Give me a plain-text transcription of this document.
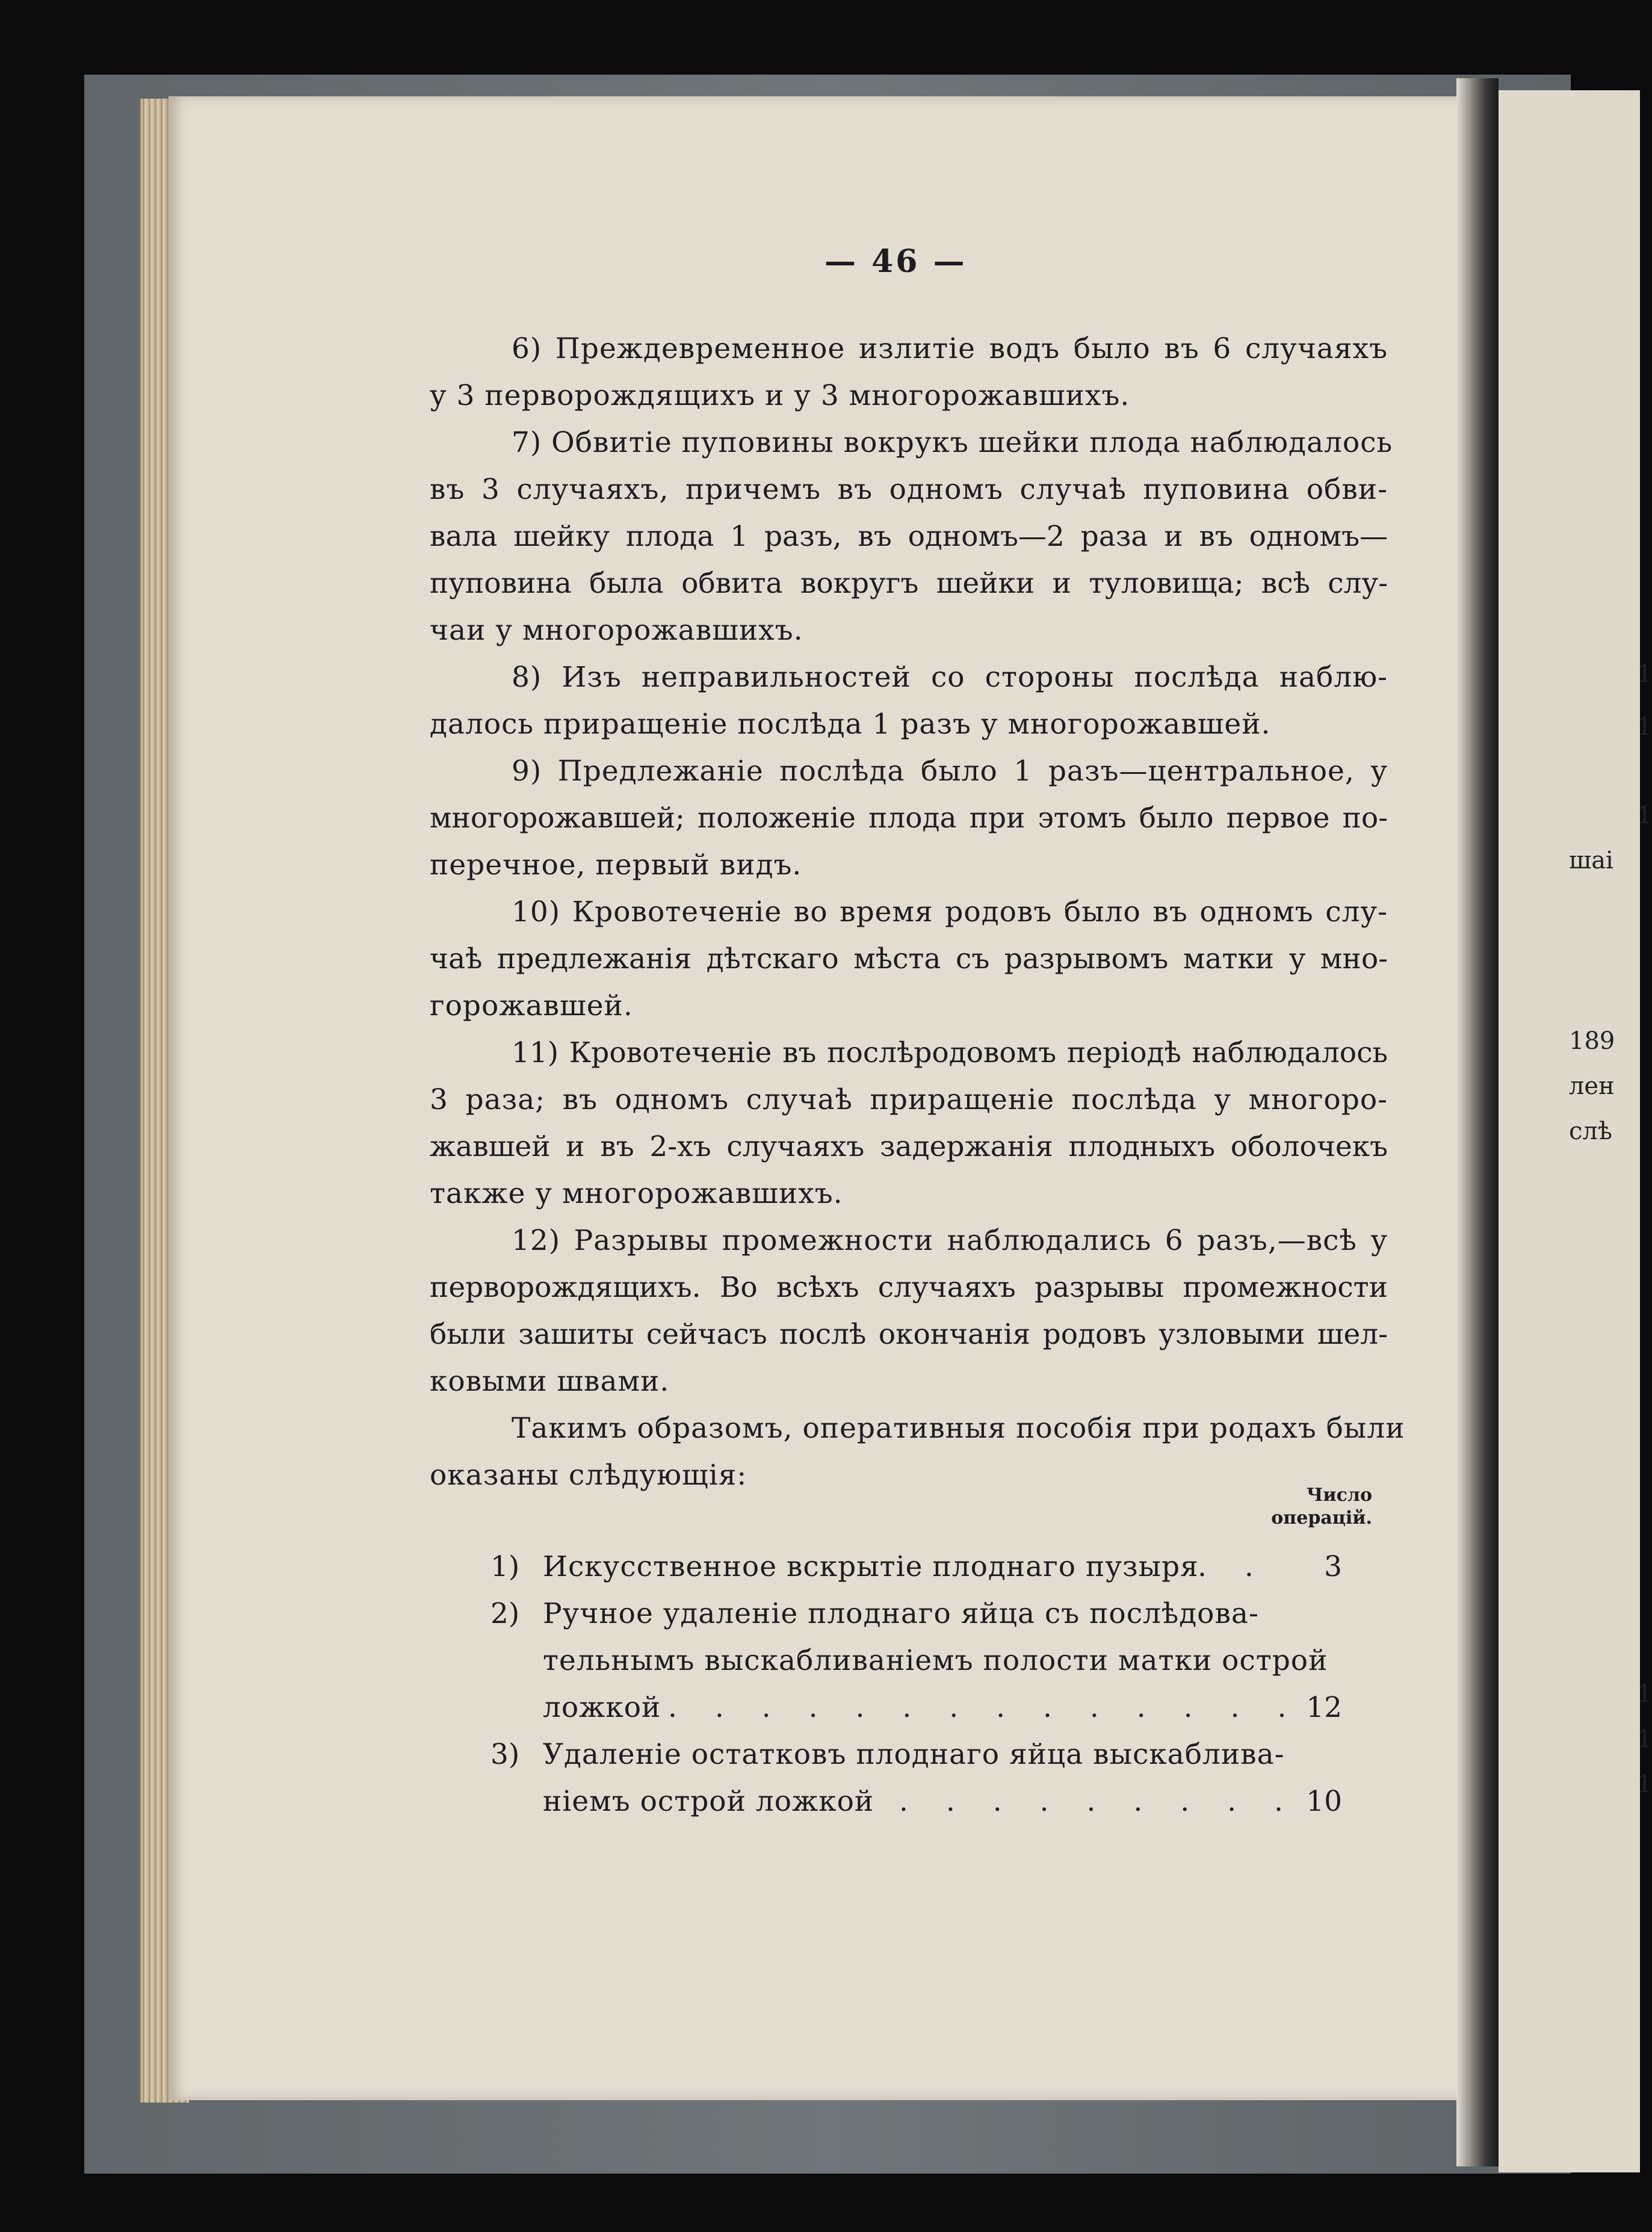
1
1
1
шаі
189
лен
слѣ
1
1
1
— 46 —
6) Преждевременное излитіе водъ было въ 6 случаяхъ
у 3 перворождящихъ и у 3 многорожавшихъ.
7) Обвитіе пуповины вокрукъ шейки плода наблюдалось
въ 3 случаяхъ, причемъ въ одномъ случаѣ пуповина обви-
вала шейку плода 1 разъ, въ одномъ—2 раза и въ одномъ—
пуповина была обвита вокругъ шейки и туловища; всѣ слу-
чаи у многорожавшихъ.
8) Изъ неправильностей со стороны послѣда наблю-
далось приращеніе послѣда 1 разъ у многорожавшей.
9) Предлежаніе послѣда было 1 разъ—центральное, у
многорожавшей; положеніе плода при этомъ было первое по-
перечное, первый видъ.
10) Кровотеченіе во время родовъ было въ одномъ слу-
чаѣ предлежанія дѣтскаго мѣста съ разрывомъ матки у мно-
горожавшей.
11) Кровотеченіе въ послѣродовомъ періодѣ наблюдалось
3 раза; въ одномъ случаѣ приращеніе послѣда у многоро-
жавшей и въ 2-хъ случаяхъ задержанія плодныхъ оболочекъ
также у многорожавшихъ.
12) Разрывы промежности наблюдались 6 разъ,—всѣ у
перворождящихъ. Во всѣхъ случаяхъ разрывы промежности
были зашиты сейчасъ послѣ окончанія родовъ узловыми шел-
ковыми швами.
Такимъ образомъ, оперативныя пособія при родахъ были
оказаны слѣдующія:
Число
операцій.
1) Искусственное вскрытіе плоднаго пузыря
. .	3
2) Ручное удаленіе плоднаго яйца съ послѣдова-
тельнымъ выскабливаніемъ полости матки острой
ложкой . . . . . . . . . . . . . . 12
3) Удаленіе остатковъ плоднаго яйца выскаблива-
ніемъ острой ложкой . . . . . . . . . 10
